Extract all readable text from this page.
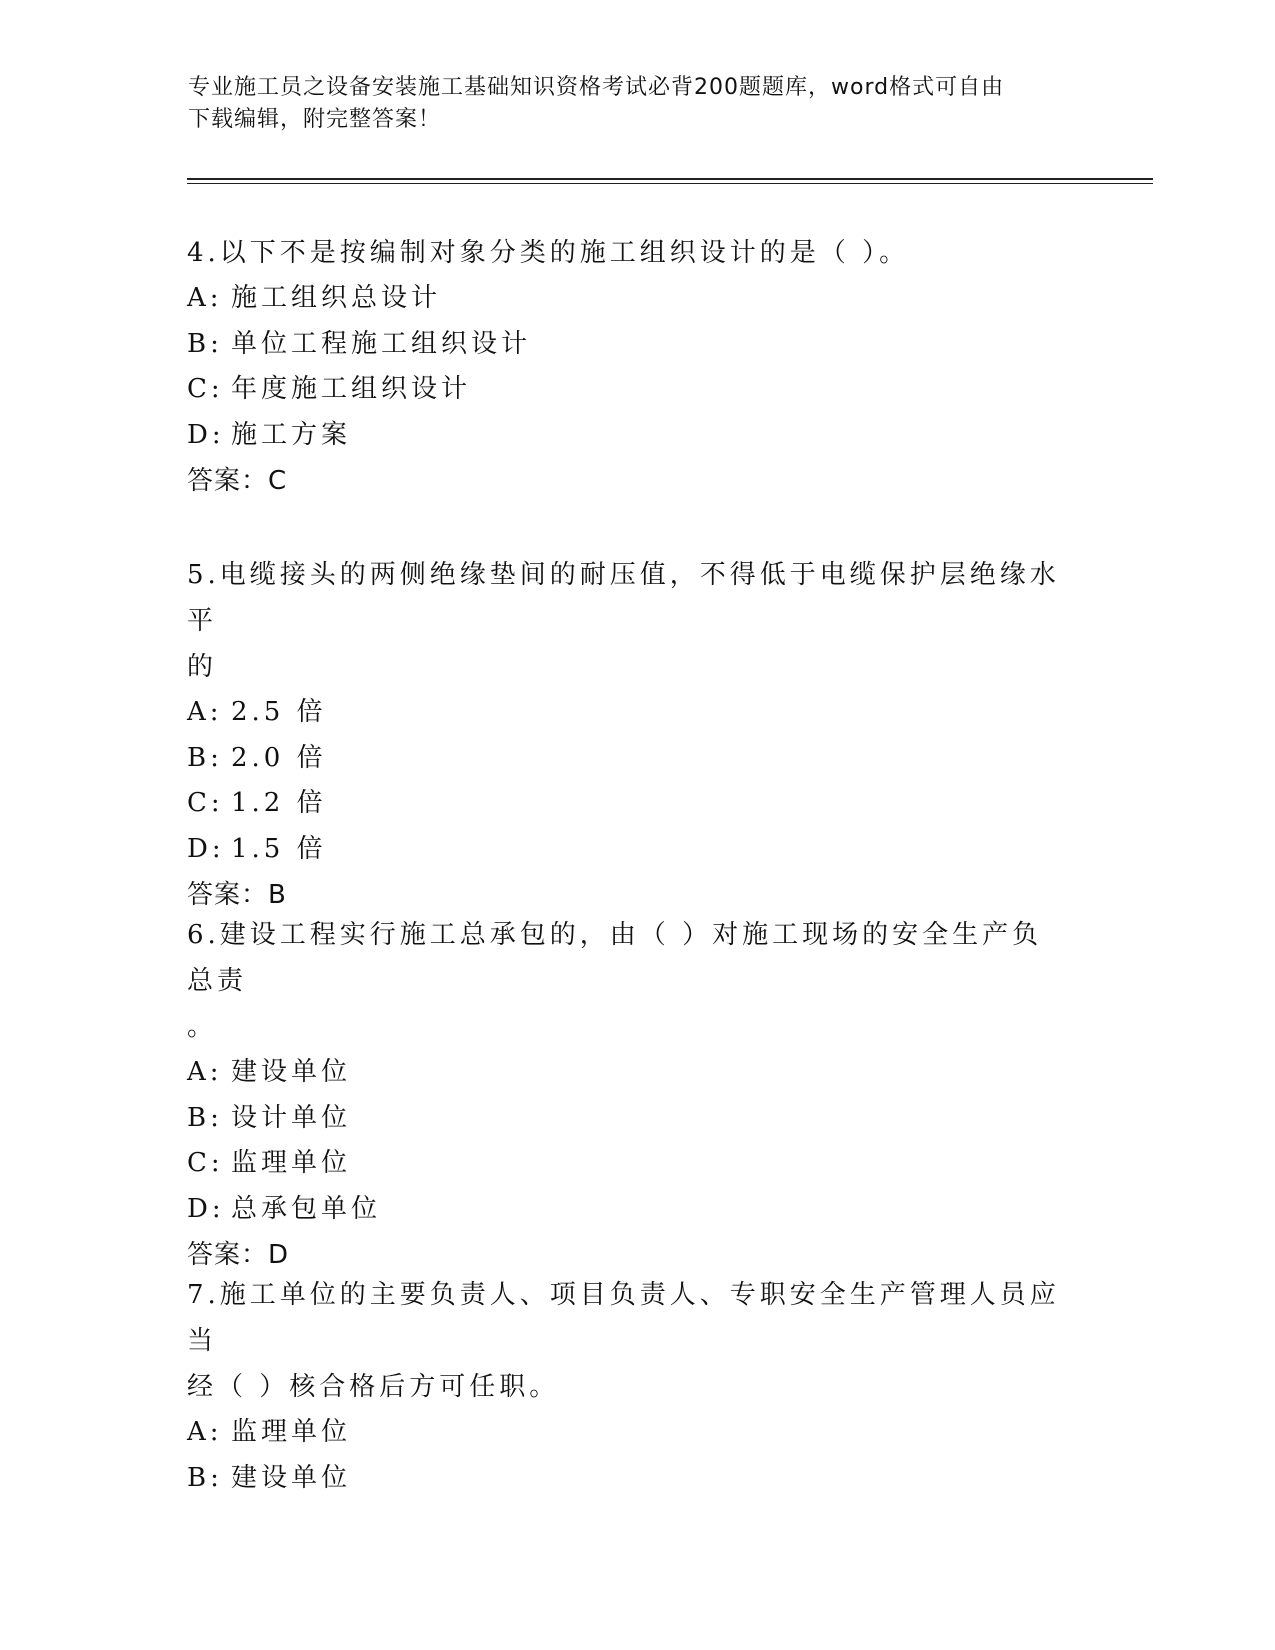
专业施工员之设备安装施工基础知识资格考试必背200题题库，word格式可自由
下载编辑，附完整答案！

4.以下不是按编制对象分类的施工组织设计的是（ ）。

A: 施工组织总设计

B: 单位工程施工组织设计

C: 年度施工组织设计

D: 施工方案

答案：C

5.电缆接头的两侧绝缘垫间的耐压值，不得低于电缆保护层绝缘水平

的

A: 2.5 倍

B: 2.0 倍

C: 1.2 倍

D: 1.5 倍

答案：B

6.建设工程实行施工总承包的，由（ ）对施工现场的安全生产负总责

。

A: 建设单位

B: 设计单位

C: 监理单位

D: 总承包单位

答案：D

7.施工单位的主要负责人、项目负责人、专职安全生产管理人员应当

经（ ）核合格后方可任职。

A: 监理单位

B: 建设单位
